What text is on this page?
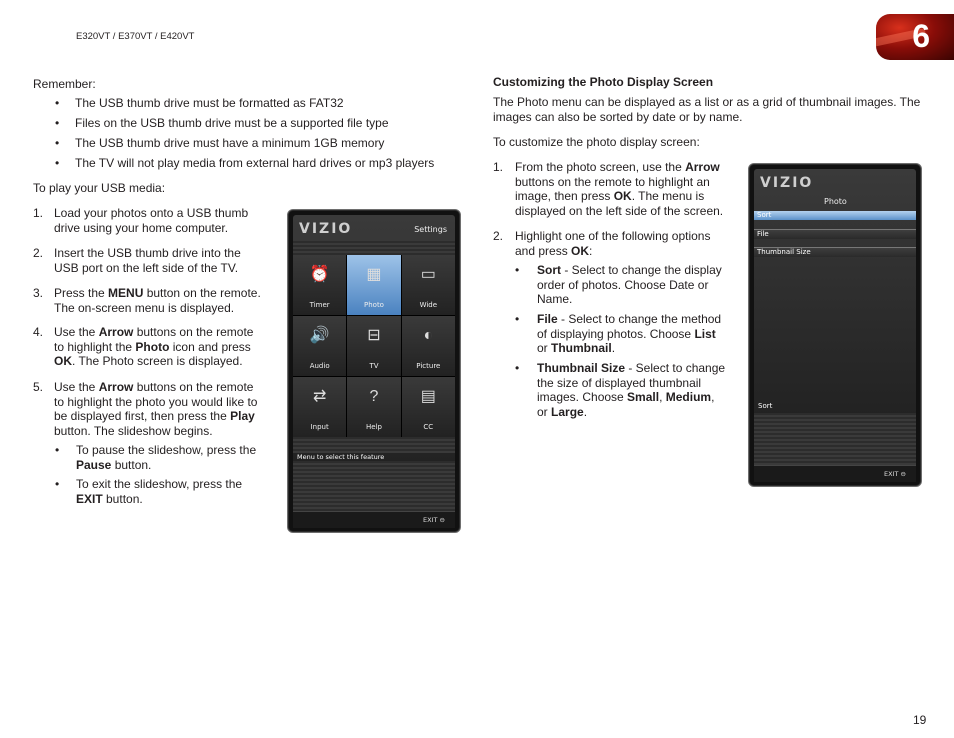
E320VT / E370VT / E420VT	6
Remember:
• The USB thumb drive must be formatted as FAT32
• Files on the USB thumb drive must be a supported file type
• The USB thumb drive must have a minimum 1GB memory
• The TV will not play media from external hard drives or mp3 players
To play your USB media:
1. Load your photos onto a USB thumb
drive using your home computer.
2. Insert the USB thumb drive into the
USB port on the left side of the TV.
3. Press the MENU button on the remote.
The on-screen menu is displayed.
4. Use the Arrow buttons on the remote
to highlight the Photo icon and press
OK. The Photo screen is displayed.
5. Use the Arrow buttons on the remote
to highlight the photo you would like to
be displayed first, then press the Play
button. The slideshow begins.
• To pause the slideshow, press the
Pause button.
• To exit the slideshow, press the
EXIT button.
VIZIO	Settings
⏰
Timer
▦
Photo
▭
Wide
🔊
Audio
⊟
TV
◐
Picture
⇄
Input
?
Help
▤
CC
Menu to select this feature
EXIT ⊖
Customizing the Photo Display Screen
The Photo menu can be displayed as a list or as a grid of thumbnail images. The
images can also be sorted by date or by name.
To customize the photo display screen:
1. From the photo screen, use the Arrow
buttons on the remote to highlight an
image, then press OK. The menu is
displayed on the left side of the screen.
2. Highlight one of the following options
and press OK:
• Sort - Select to change the display
order of photos. Choose Date or
Name.
• File - Select to change the method
of displaying photos. Choose List
or Thumbnail.
• Thumbnail Size - Select to change
the size of displayed thumbnail
images. Choose Small, Medium,
or Large.
VIZIO
Photo
Sort
File
Thumbnail Size
Sort
EXIT ⊖
19
